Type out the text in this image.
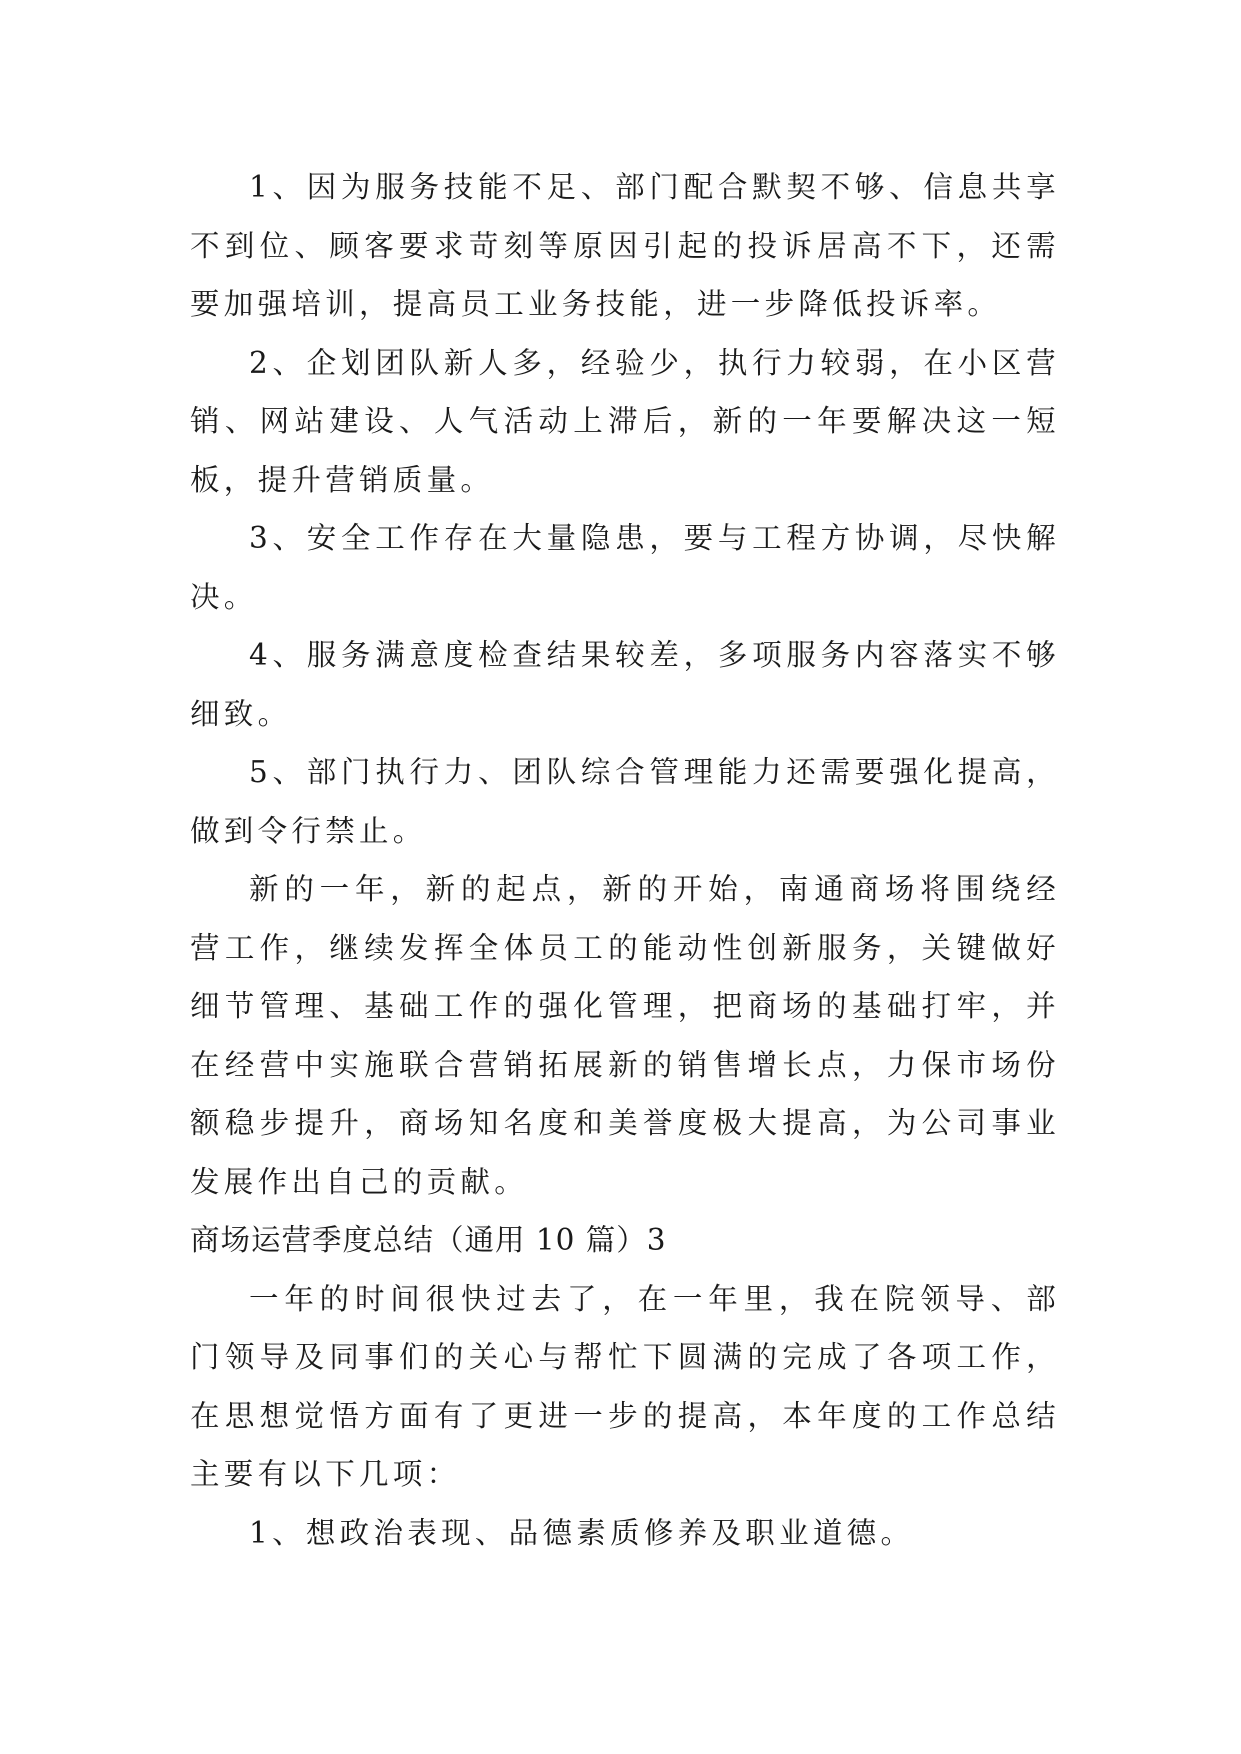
1、因为服务技能不足、部门配合默契不够、信息共享不到位、顾客要求苛刻等原因引起的投诉居高不下，还需要加强培训，提高员工业务技能，进一步降低投诉率。

2、企划团队新人多，经验少，执行力较弱，在小区营销、网站建设、人气活动上滞后，新的一年要解决这一短板，提升营销质量。

3、安全工作存在大量隐患，要与工程方协调，尽快解决。

4、服务满意度检查结果较差，多项服务内容落实不够细致。

5、部门执行力、团队综合管理能力还需要强化提高，做到令行禁止。

新的一年，新的起点，新的开始，南通商场将围绕经营工作，继续发挥全体员工的能动性创新服务，关键做好细节管理、基础工作的强化管理，把商场的基础打牢，并在经营中实施联合营销拓展新的销售增长点，力保市场份额稳步提升，商场知名度和美誉度极大提高，为公司事业发展作出自己的贡献。

商场运营季度总结（通用 10 篇）3

一年的时间很快过去了，在一年里，我在院领导、部门领导及同事们的关心与帮忙下圆满的完成了各项工作，在思想觉悟方面有了更进一步的提高，本年度的工作总结主要有以下几项：

1、想政治表现、品德素质修养及职业道德。
